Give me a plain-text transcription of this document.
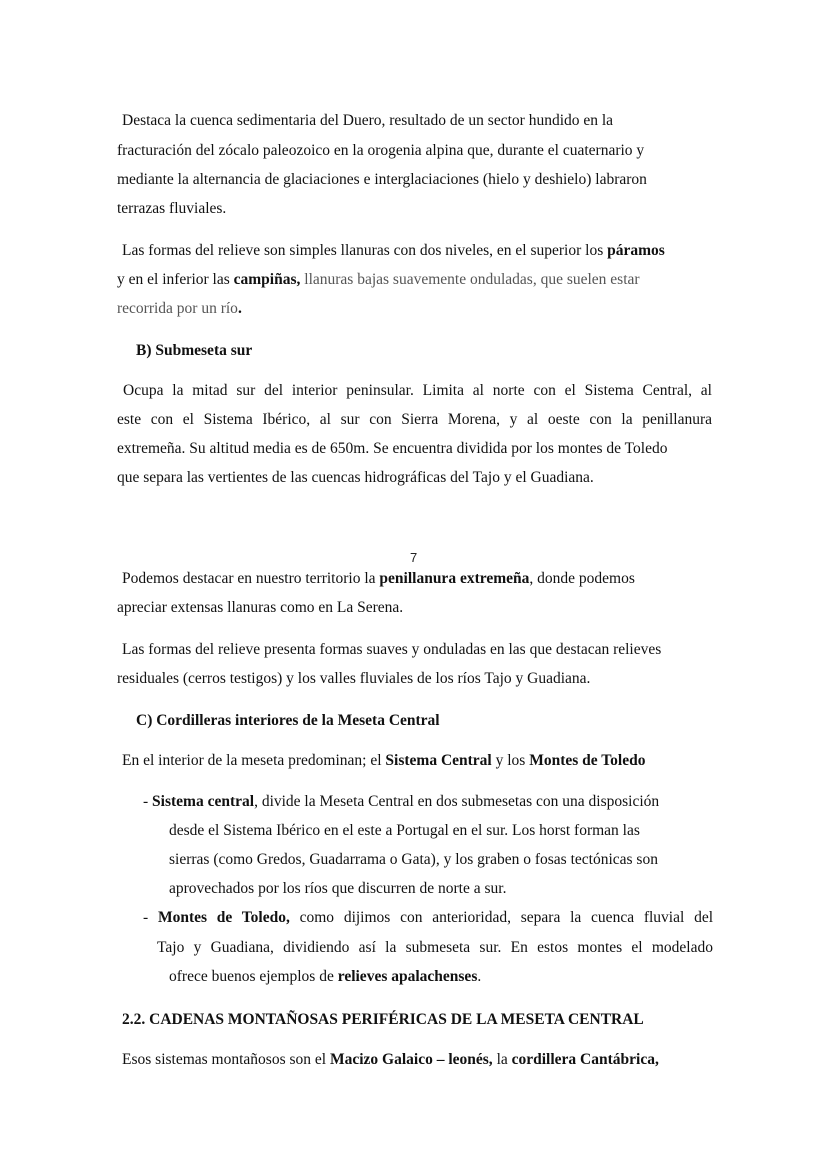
Destaca la cuenca sedimentaria del Duero, resultado de un sector hundido en la
fracturación del zócalo paleozoico en la orogenia alpina que, durante el cuaternario y
mediante la alternancia de glaciaciones e interglaciaciones (hielo y deshielo) labraron
terrazas fluviales.
Las formas del relieve son simples llanuras con dos niveles, en el superior los páramos
y en el inferior las campiñas, llanuras bajas suavemente onduladas, que suelen estar
recorrida por un río.
B) Submeseta sur
Ocupa la mitad sur del interior peninsular. Limita al norte con el Sistema Central, al
este con el Sistema Ibérico, al sur con Sierra Morena, y al oeste con la penillanura
extremeña. Su altitud media es de 650m. Se encuentra dividida por los montes de Toledo
que separa las vertientes de las cuencas hidrográficas del Tajo y el Guadiana.
7
Podemos destacar en nuestro territorio la penillanura extremeña, donde podemos
apreciar extensas llanuras como en La Serena.
Las formas del relieve presenta formas suaves y onduladas en las que destacan relieves
residuales (cerros testigos) y los valles fluviales de los ríos Tajo y Guadiana.
C) Cordilleras interiores de la Meseta Central
En el interior de la meseta predominan; el Sistema Central y los Montes de Toledo
- Sistema central, divide la Meseta Central en dos submesetas con una disposición
desde el Sistema Ibérico en el este a Portugal en el sur. Los horst forman las
sierras (como Gredos, Guadarrama o Gata), y los graben o fosas tectónicas son
aprovechados por los ríos que discurren de norte a sur.
- Montes de Toledo, como dijimos con anterioridad, separa la cuenca fluvial del
Tajo y Guadiana, dividiendo así la submeseta sur. En estos montes el modelado
ofrece buenos ejemplos de relieves apalachenses.
2.2. CADENAS MONTAÑOSAS PERIFÉRICAS DE LA MESETA CENTRAL
Esos sistemas montañosos son el Macizo Galaico – leonés, la cordillera Cantábrica,
